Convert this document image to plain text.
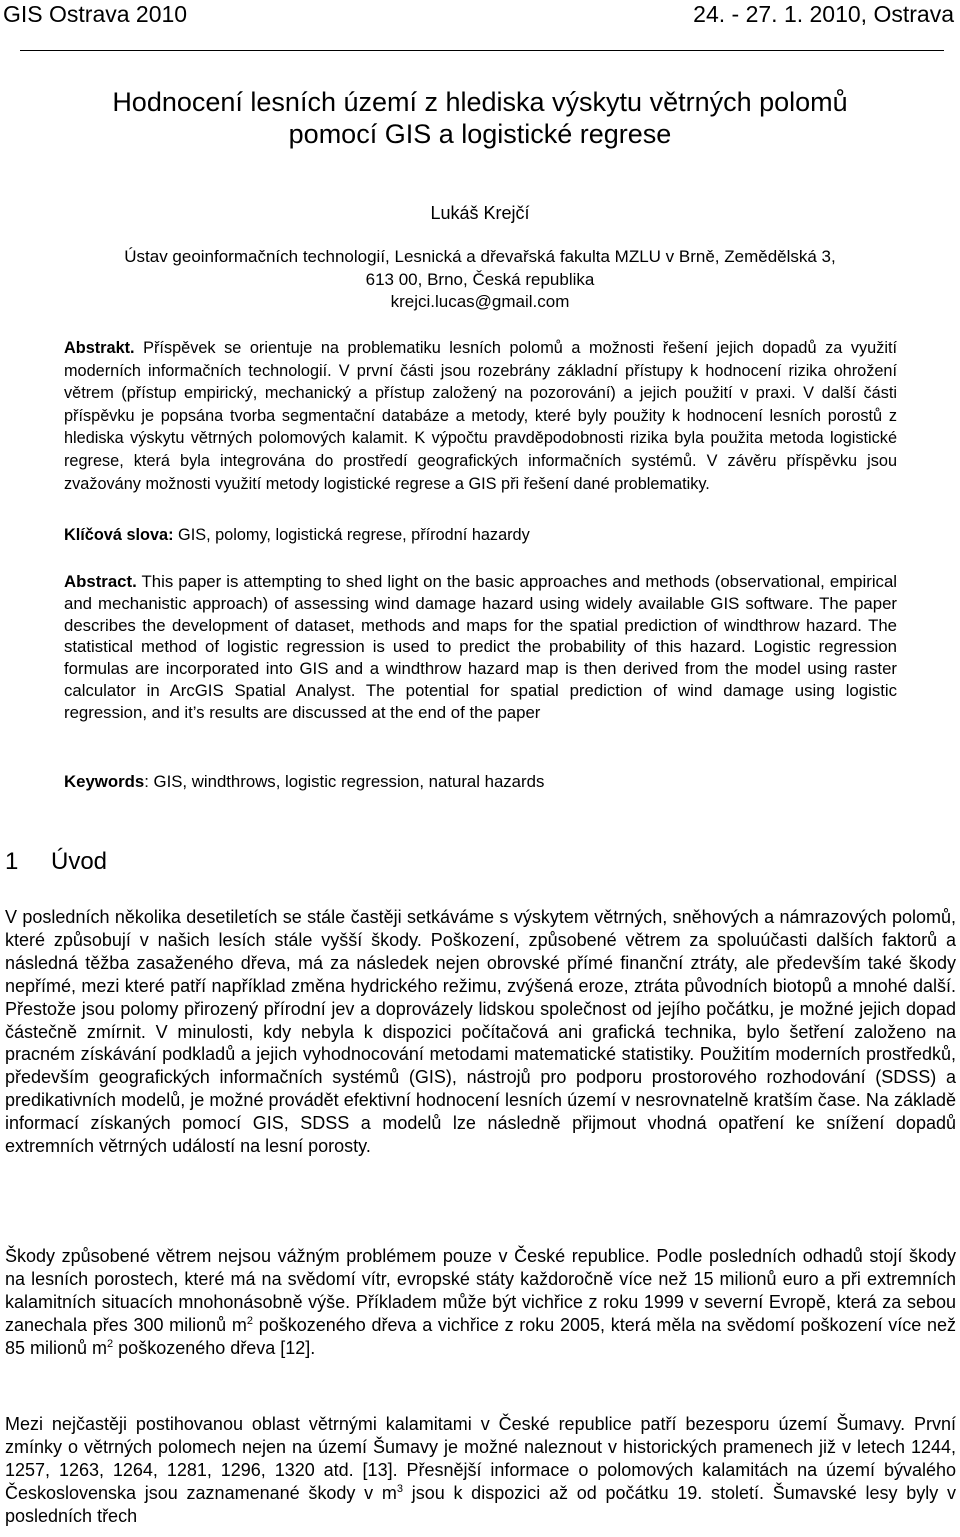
GIS Ostrava 2010	24. - 27. 1. 2010, Ostrava
Hodnocení lesních území z hlediska výskytu větrných polomů
pomocí GIS a logistické regrese
Lukáš Krejčí
Ústav geoinformačních technologií, Lesnická a dřevařská fakulta MZLU v Brně, Zemědělská 3,
613 00, Brno, Česká republika
krejci.lucas@gmail.com
Abstrakt. Příspěvek se orientuje na problematiku lesních polomů a možnosti řešení jejich dopadů za využití moderních informačních technologií. V první části jsou rozebrány základní přístupy k hodnocení rizika ohrožení větrem (přístup empirický, mechanický a přístup založený na pozorování) a jejich použití v praxi. V další části příspěvku je popsána tvorba segmentační databáze a metody, které byly použity k hodnocení lesních porostů z hlediska výskytu větrných polomových kalamit. K výpočtu pravděpodobnosti rizika byla použita metoda logistické regrese, která byla integrována do prostředí geografických informačních systémů. V závěru příspěvku jsou zvažovány možnosti využití metody logistické regrese a GIS při řešení dané problematiky.
Klíčová slova: GIS, polomy, logistická regrese, přírodní hazardy
Abstract. This paper is attempting to shed light on the basic approaches and methods (observational, empirical and mechanistic approach) of assessing wind damage hazard using widely available GIS software. The paper describes the development of dataset, methods and maps for the spatial prediction of windthrow hazard. The statistical method of logistic regression is used to predict the probability of this hazard. Logistic regression formulas are incorporated into GIS and a windthrow hazard map is then derived from the model using raster calculator in ArcGIS Spatial Analyst. The potential for spatial prediction of wind damage using logistic regression, and it’s results are discussed at the end of the paper
Keywords: GIS, windthrows, logistic regression, natural hazards
1 Úvod
V posledních několika desetiletích se stále častěji setkáváme s výskytem větrných, sněhových a námrazových polomů, které způsobují v našich lesích stále vyšší škody. Poškození, způsobené větrem za spoluúčasti dalších faktorů a následná těžba zasaženého dřeva, má za následek nejen obrovské přímé finanční ztráty, ale především také škody nepřímé, mezi které patří například změna hydrického režimu, zvýšená eroze, ztráta původních biotopů a mnohé další. Přestože jsou polomy přirozený přírodní jev a doprovázely lidskou společnost od jejího počátku, je možné jejich dopad částečně zmírnit. V minulosti, kdy nebyla k dispozici počítačová ani grafická technika, bylo šetření založeno na pracném získávání podkladů a jejich vyhodnocování metodami matematické statistiky. Použitím moderních prostředků, především geografických informačních systémů (GIS), nástrojů pro podporu prostorového rozhodování (SDSS) a predikativních modelů, je možné provádět efektivní hodnocení lesních území v nesrovnatelně kratším čase. Na základě informací získaných pomocí GIS, SDSS a modelů lze následně přijmout vhodná opatření ke snížení dopadů extremních větrných událostí na lesní porosty.
Škody způsobené větrem nejsou vážným problémem pouze v České republice. Podle posledních odhadů stojí škody na lesních porostech, které má na svědomí vítr, evropské státy každoročně více než 15 milionů euro a při extremních kalamitních situacích mnohonásobně výše. Příkladem může být vichřice z roku 1999 v severní Evropě, která za sebou zanechala přes 300 milionů $m^2$ poškozeného dřeva a vichřice z roku 2005, která měla na svědomí poškození více než 85 milionů $m^2$ poškozeného dřeva [12].
Mezi nejčastěji postihovanou oblast větrnými kalamitami v České republice patří bezesporu území Šumavy. První zmínky o větrných polomech nejen na území Šumavy je možné naleznout v historických pramenech již v letech 1244, 1257, 1263, 1264, 1281, 1296, 1320 atd. [13]. Přesnější informace o polomových kalamitách na území bývalého Československa jsou zaznamenané škody v $m^3$ jsou k dispozici až od počátku 19. století. Šumavské lesy byly v posledních třech
